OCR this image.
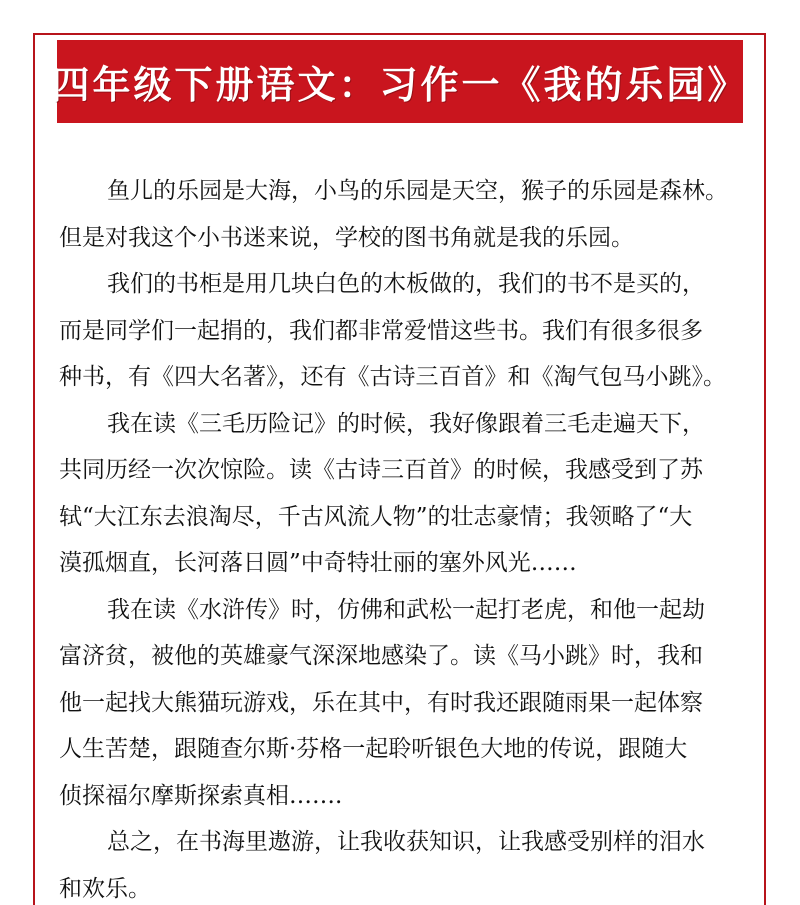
四年级下册语文：习作一《我的乐园》
鱼儿的乐园是大海，小鸟的乐园是天空，猴子的乐园是森林。
但是对我这个小书迷来说，学校的图书角就是我的乐园。
我们的书柜是用几块白色的木板做的，我们的书不是买的，
而是同学们一起捐的，我们都非常爱惜这些书。我们有很多很多
种书，有《四大名著》，还有《古诗三百首》和《淘气包马小跳》。
我在读《三毛历险记》的时候，我好像跟着三毛走遍天下，
共同历经一次次惊险。读《古诗三百首》的时候，我感受到了苏
轼“大江东去浪淘尽，千古风流人物”的壮志豪情；我领略了“大
漠孤烟直，长河落日圆”中奇特壮丽的塞外风光……
我在读《水浒传》时，仿佛和武松一起打老虎，和他一起劫
富济贫，被他的英雄豪气深深地感染了。读《马小跳》时，我和
他一起找大熊猫玩游戏，乐在其中，有时我还跟随雨果一起体察
人生苦楚，跟随查尔斯·芬格一起聆听银色大地的传说，跟随大
侦探福尔摩斯探索真相…….
总之，在书海里遨游，让我收获知识，让我感受别样的泪水
和欢乐。
